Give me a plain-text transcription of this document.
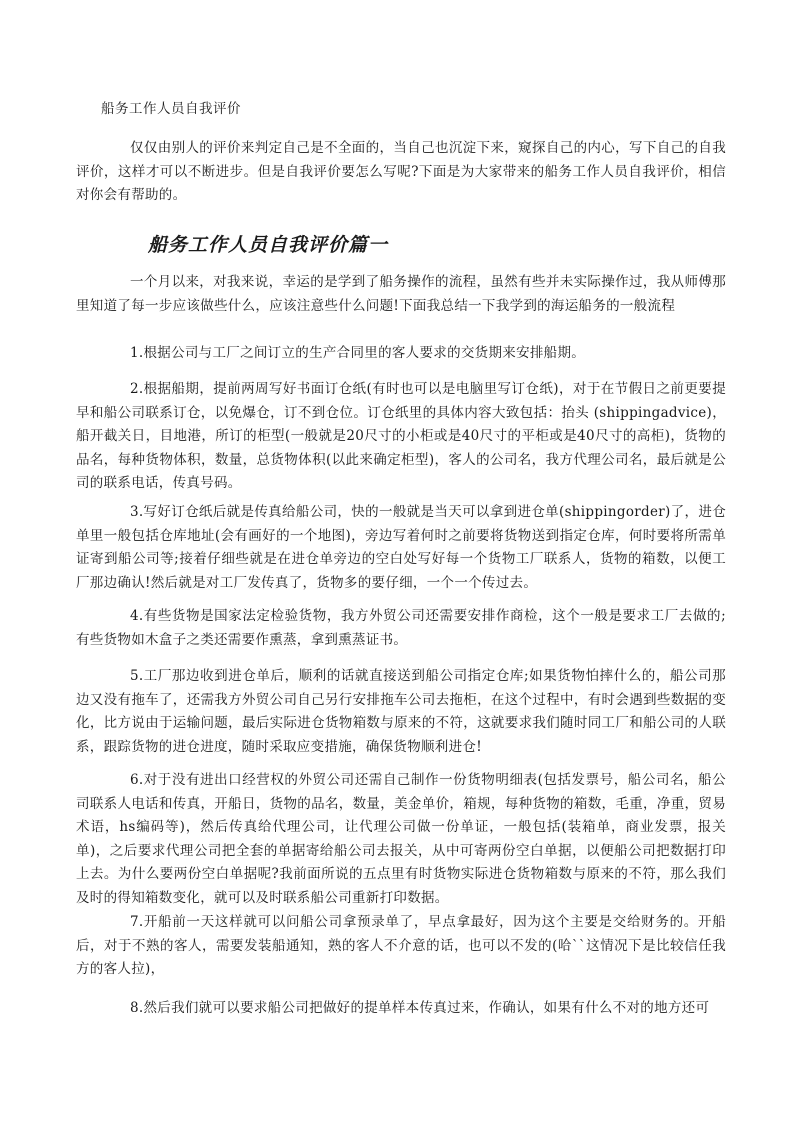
船务工作人员自我评价

仅仅由别人的评价来判定自己是不全面的，当自己也沉淀下来，窥探自己的内心，写下自己的自我评价，这样才可以不断进步。但是自我评价要怎么写呢?下面是为大家带来的船务工作人员自我评价，相信对你会有帮助的。

船务工作人员自我评价篇一

一个月以来，对我来说，幸运的是学到了船务操作的流程，虽然有些并未实际操作过，我从师傅那里知道了每一步应该做些什么，应该注意些什么问题!下面我总结一下我学到的海运船务的一般流程

1.根据公司与工厂之间订立的生产合同里的客人要求的交货期来安排船期。

2.根据船期，提前两周写好书面订仓纸(有时也可以是电脑里写订仓纸)，对于在节假日之前更要提早和船公司联系订仓，以免爆仓，订不到仓位。订仓纸里的具体内容大致包括：抬头 (shippingadvice)，船开截关日，目地港，所订的柜型(一般就是20尺寸的小柜或是40尺寸的平柜或是40尺寸的高柜)，货物的品名，每种货物体积，数量，总货物体积(以此来确定柜型)，客人的公司名，我方代理公司名，最后就是公司的联系电话，传真号码。

3.写好订仓纸后就是传真给船公司，快的一般就是当天可以拿到进仓单(shippingorder)了，进仓单里一般包括仓库地址(会有画好的一个地图)，旁边写着何时之前要将货物送到指定仓库，何时要将所需单证寄到船公司等;接着仔细些就是在进仓单旁边的空白处写好每一个货物工厂联系人，货物的箱数，以便工厂那边确认!然后就是对工厂发传真了，货物多的要仔细，一个一个传过去。

4.有些货物是国家法定检验货物，我方外贸公司还需要安排作商检，这个一般是要求工厂去做的;有些货物如木盒子之类还需要作熏蒸，拿到熏蒸证书。

5.工厂那边收到进仓单后，顺利的话就直接送到船公司指定仓库;如果货物怕摔什么的，船公司那边又没有拖车了，还需我方外贸公司自己另行安排拖车公司去拖柜，在这个过程中，有时会遇到些数据的变化，比方说由于运输问题，最后实际进仓货物箱数与原来的不符，这就要求我们随时同工厂和船公司的人联系，跟踪货物的进仓进度，随时采取应变措施，确保货物顺利进仓!

6.对于没有进出口经营权的外贸公司还需自己制作一份货物明细表(包括发票号，船公司名，船公司联系人电话和传真，开船日，货物的品名，数量，美金单价，箱规，每种货物的箱数，毛重，净重，贸易术语，hs编码等)，然后传真给代理公司，让代理公司做一份单证，一般包括(装箱单，商业发票，报关单)，之后要求代理公司把全套的单据寄给船公司去报关，从中可寄两份空白单据，以便船公司把数据打印上去。为什么要两份空白单据呢?我前面所说的五点里有时货物实际进仓货物箱数与原来的不符，那么我们及时的得知箱数变化，就可以及时联系船公司重新打印数据。

7.开船前一天这样就可以问船公司拿预录单了，早点拿最好，因为这个主要是交给财务的。开船后，对于不熟的客人，需要发装船通知，熟的客人不介意的话，也可以不发的(哈``这情况下是比较信任我方的客人拉)，

8.然后我们就可以要求船公司把做好的提单样本传真过来，作确认，如果有什么不对的地方还可
